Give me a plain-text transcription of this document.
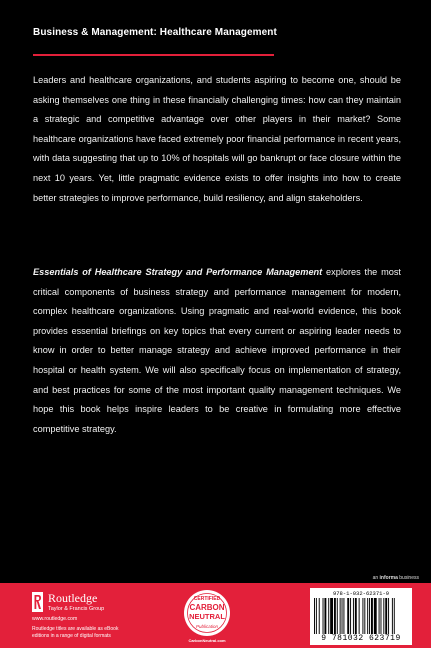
Business & Management: Healthcare Management
Leaders and healthcare organizations, and students aspiring to become one, should be asking themselves one thing in these financially challenging times: how can they maintain a strategic and competitive advantage over other players in their market? Some healthcare organizations have faced extremely poor financial performance in recent years, with data suggesting that up to 10% of hospitals will go bankrupt or face closure within the next 10 years. Yet, little pragmatic evidence exists to offer insights into how to create better strategies to improve performance, build resiliency, and align stakeholders.
Essentials of Healthcare Strategy and Performance Management explores the most critical components of business strategy and performance management for modern, complex healthcare organizations. Using pragmatic and real-world evidence, this book provides essential briefings on key topics that every current or aspiring leader needs to know in order to better manage strategy and achieve improved performance in their hospital or health system. We will also specifically focus on implementation of strategy, and best practices for some of the most important quality management techniques. We hope this book helps inspire leaders to be creative in formulating more effective competitive strategy.
an informa business
Routledge
Taylor & Francis Group
www.routledge.com
Routledge titles are available as eBook editions in a range of digital formats
CERTIFIED
CARBON
NEUTRAL
Publication
CarbonNeutral.com
978-1-032-62371-9
9 781032 623719
